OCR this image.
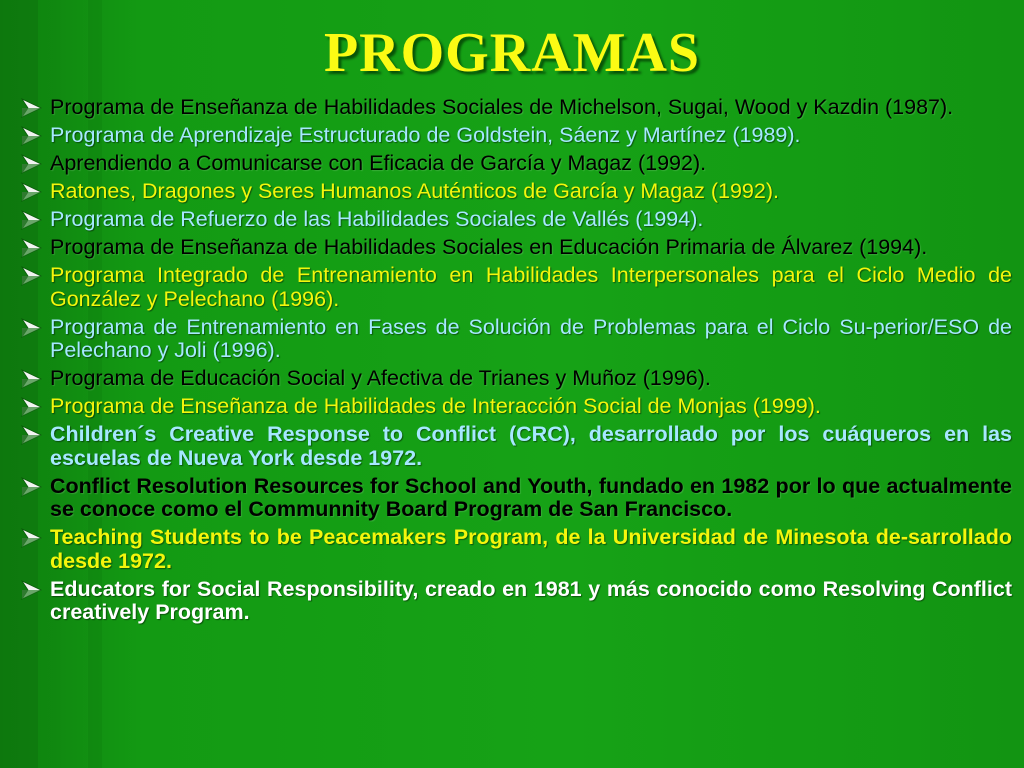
PROGRAMAS
Programa de Enseñanza de Habilidades Sociales de Michelson, Sugai, Wood y Kazdin (1987).
Programa de Aprendizaje Estructurado de Goldstein, Sáenz y Martínez (1989).
Aprendiendo a Comunicarse con Eficacia de García y Magaz (1992).
Ratones, Dragones y Seres Humanos Auténticos de García y Magaz (1992).
Programa de Refuerzo de las Habilidades Sociales de Vallés (1994).
Programa de Enseñanza de Habilidades Sociales en Educación Primaria de Álvarez (1994).
Programa Integrado de Entrenamiento en Habilidades Interpersonales para el Ciclo Medio de González y Pelechano (1996).
Programa de Entrenamiento en Fases de Solución de Problemas para el Ciclo Su-perior/ESO de Pelechano y Joli (1996).
Programa de Educación Social y Afectiva de Trianes y Muñoz (1996).
Programa de Enseñanza de Habilidades de Interacción Social de Monjas (1999).
Children´s Creative Response to Conflict (CRC), desarrollado por los cuáqueros en las escuelas de Nueva York desde 1972.
Conflict Resolution Resources for School and Youth, fundado en 1982 por lo que actualmente se conoce como el Communnity Board Program de San Francisco.
Teaching Students to be Peacemakers Program, de la Universidad de Minesota de-sarrollado desde 1972.
Educators for Social Responsibility, creado en 1981 y más conocido como Resolving Conflict creatively Program.
